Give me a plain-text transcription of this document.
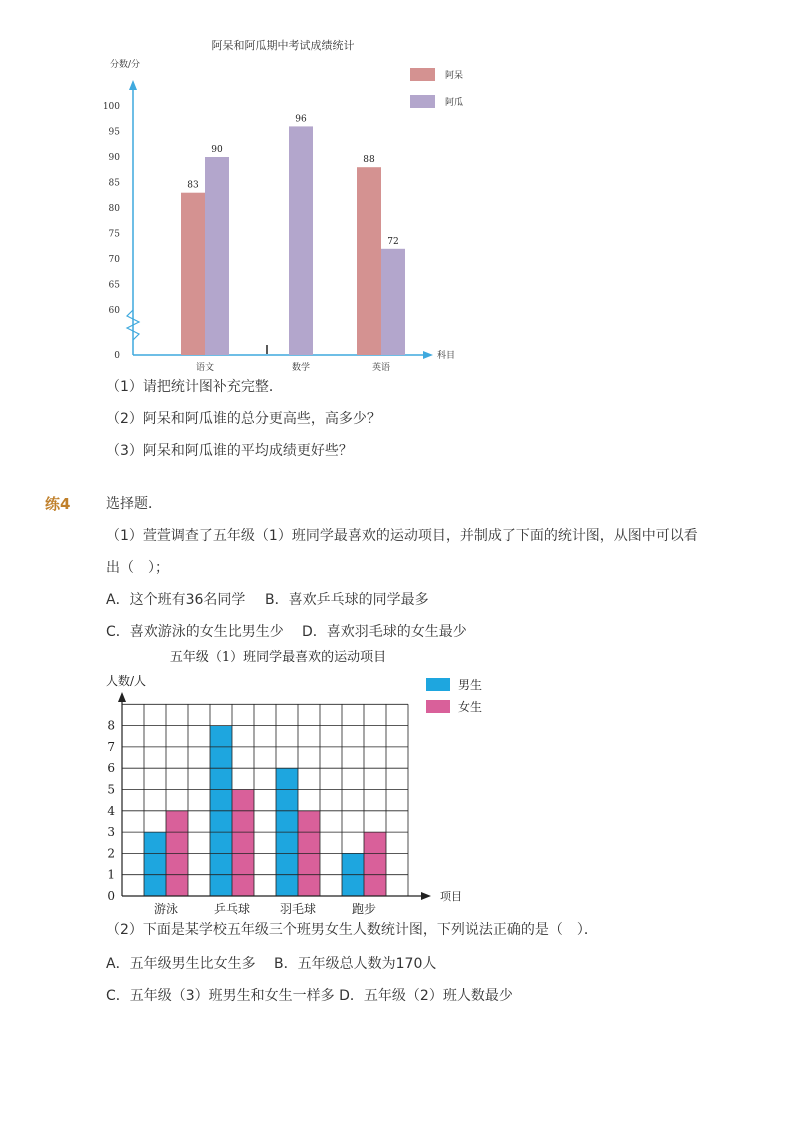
阿呆和阿瓜期中考试成绩统计
分数/分
阿呆
阿瓜
科目
0
60
65
70
75
80
85
90
95
100
83
90
96
88
72
语文	数学	英语
（1）请把统计图补充完整．
（2）阿呆和阿瓜谁的总分更高些，高多少？
（3）阿呆和阿瓜谁的平均成绩更好些？
练4	选择题．
（1）萱萱调查了五年级（1）班同学最喜欢的运动项目，并制成了下面的统计图，从图中可以看
出（　）；
A．这个班有36名同学 B．喜欢乒乓球的同学最多
C．喜欢游泳的女生比男生少 D．喜欢羽毛球的女生最少
五年级（1）班同学最喜欢的运动项目
人数/人	男生
女生
项目
0
1
2
3
4
5
6
7
8
游泳	乒乓球 羽毛球	跑步
（2）下面是某学校五年级三个班男女生人数统计图，下列说法正确的是（　）．
A．五年级男生比女生多　 B．五年级总人数为170人
C．五年级（3）班男生和女生一样多 D．五年级（2）班人数最少
